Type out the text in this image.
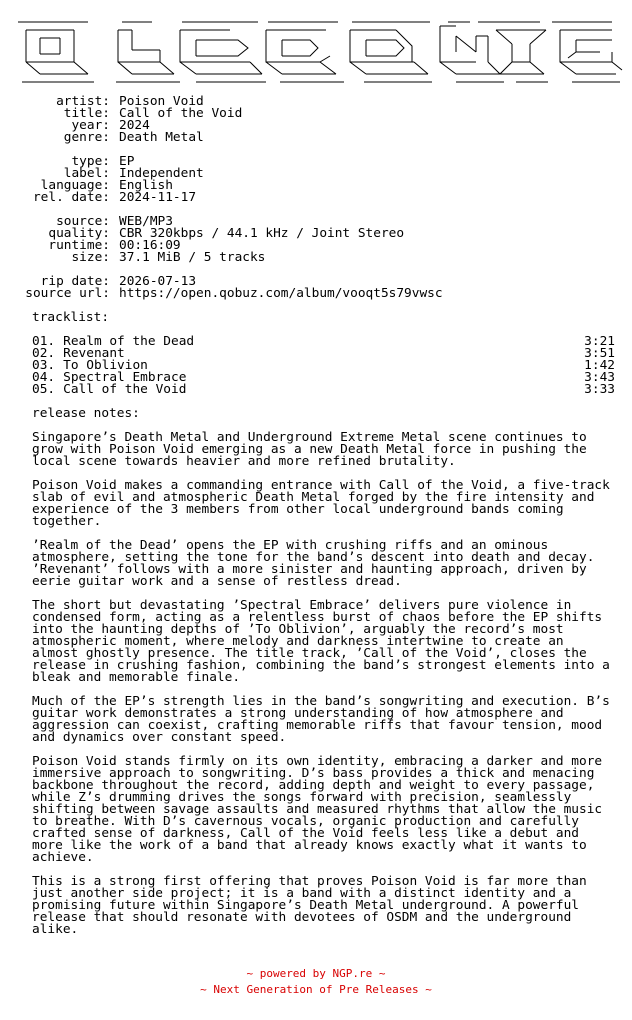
artist: Poison Void
title: Call of the Void
year: 2024
genre: Death Metal
type: EP
label: Independent
language: English
rel. date: 2024-11-17
source: WEB/MP3
quality: CBR 320kbps / 44.1 kHz / Joint Stereo
runtime: 00:16:09
size: 37.1 MiB / 5 tracks
rip date: 2026-07-13
source url: https://open.qobuz.com/album/vooqt5s79vwsc
tracklist:
01. Realm of the Dead	3:21
02. Revenant	3:51
03. To Oblivion	1:42
04. Spectral Embrace	3:43
05. Call of the Void	3:33
release notes:
Singapore’s Death Metal and Underground Extreme Metal scene continues to grow with Poison Void emerging as a new Death Metal force in pushing the local scene towards heavier and more refined brutality.
Poison Void makes a commanding entrance with Call of the Void, a five-track slab of evil and atmospheric Death Metal forged by the fire intensity and experience of the 3 members from other local underground bands coming together.
’Realm of the Dead’ opens the EP with crushing riffs and an ominous atmosphere, setting the tone for the band’s descent into death and decay. ’Revenant’ follows with a more sinister and haunting approach, driven by eerie guitar work and a sense of restless dread.
The short but devastating ’Spectral Embrace’ delivers pure violence in condensed form, acting as a relentless burst of chaos before the EP shifts into the haunting depths of ’To Oblivion’, arguably the record’s most atmospheric moment, where melody and darkness intertwine to create an almost ghostly presence. The title track, ’Call of the Void’, closes the release in crushing fashion, combining the band’s strongest elements into a bleak and memorable finale.
Much of the EP’s strength lies in the band’s songwriting and execution. B’s guitar work demonstrates a strong understanding of how atmosphere and aggression can coexist, crafting memorable riffs that favour tension, mood and dynamics over constant speed.
Poison Void stands firmly on its own identity, embracing a darker and more immersive approach to songwriting. D’s bass provides a thick and menacing backbone throughout the record, adding depth and weight to every passage, while Z’s drumming drives the songs forward with precision, seamlessly shifting between savage assaults and measured rhythms that allow the music to breathe. With D’s cavernous vocals, organic production and carefully crafted sense of darkness, Call of the Void feels less like a debut and more like the work of a band that already knows exactly what it wants to achieve.
This is a strong first offering that proves Poison Void is far more than just another side project; it is a band with a distinct identity and a promising future within Singapore’s Death Metal underground. A powerful release that should resonate with devotees of OSDM and the underground alike.
~ powered by NGP.re ~
~ Next Generation of Pre Releases ~
